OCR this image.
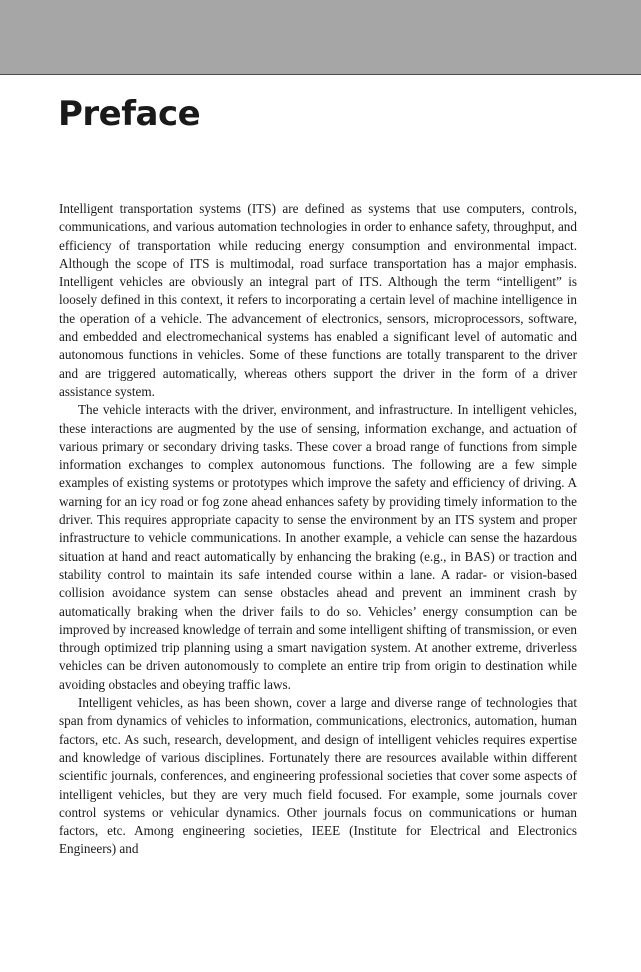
Preface

Intelligent transportation systems (ITS) are defined as systems that use computers, controls, communications, and various automation technologies in order to enhance safety, throughput, and efficiency of transportation while reducing energy consumption and environmental impact. Although the scope of ITS is multimodal, road surface transportation has a major emphasis. Intelligent vehicles are obviously an integral part of ITS. Although the term “intelligent” is loosely defined in this context, it refers to incorporating a certain level of machine intelligence in the operation of a vehicle. The advancement of electronics, sensors, microprocessors, software, and embedded and electromechanical systems has enabled a significant level of automatic and autonomous functions in vehicles. Some of these functions are totally transparent to the driver and are triggered automatically, whereas others support the driver in the form of a driver assistance system.

The vehicle interacts with the driver, environment, and infrastructure. In intelligent vehicles, these interactions are augmented by the use of sensing, information exchange, and actuation of various primary or secondary driving tasks. These cover a broad range of functions from simple information exchanges to complex autonomous functions. The following are a few simple examples of existing systems or prototypes which improve the safety and efficiency of driving. A warning for an icy road or fog zone ahead enhances safety by providing timely information to the driver. This requires appropriate capacity to sense the environment by an ITS system and proper infrastructure to vehicle communications. In another example, a vehicle can sense the hazardous situation at hand and react automatically by enhancing the braking (e.g., in BAS) or traction and stability control to maintain its safe intended course within a lane. A radar- or vision-based collision avoidance system can sense obstacles ahead and prevent an imminent crash by automatically braking when the driver fails to do so. Vehicles’ energy consumption can be improved by increased knowledge of terrain and some intelligent shifting of transmission, or even through optimized trip planning using a smart navigation system. At another extreme, driverless vehicles can be driven autonomously to complete an entire trip from origin to destination while avoiding obstacles and obeying traffic laws.

Intelligent vehicles, as has been shown, cover a large and diverse range of technologies that span from dynamics of vehicles to information, communications, electronics, automation, human factors, etc. As such, research, development, and design of intelligent vehicles requires expertise and knowledge of various disciplines. Fortunately there are resources available within different scientific journals, conferences, and engineering professional societies that cover some aspects of intelligent vehicles, but they are very much field focused. For example, some journals cover control systems or vehicular dynamics. Other journals focus on communications or human factors, etc. Among engineering societies, IEEE (Institute for Electrical and Electronics Engineers) and
